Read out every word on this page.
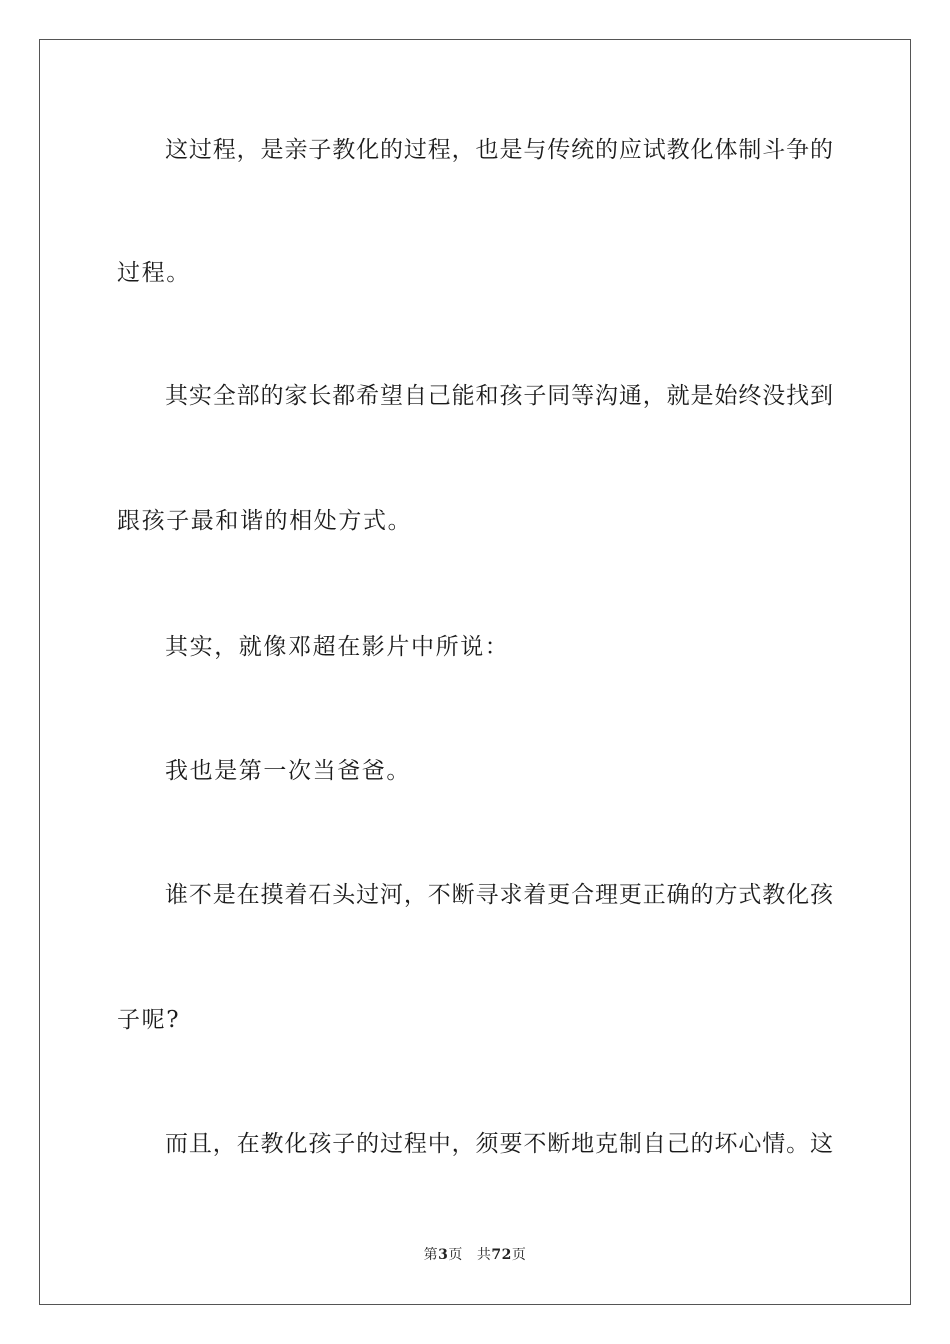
这过程，是亲子教化的过程，也是与传统的应试教化体制斗争的
过程。
其实全部的家长都希望自己能和孩子同等沟通，就是始终没找到
跟孩子最和谐的相处方式。
其实，就像邓超在影片中所说：
我也是第一次当爸爸。
谁不是在摸着石头过河，不断寻求着更合理更正确的方式教化孩
子呢?
而且，在教化孩子的过程中，须要不断地克制自己的坏心情。这
第3页 共72页
